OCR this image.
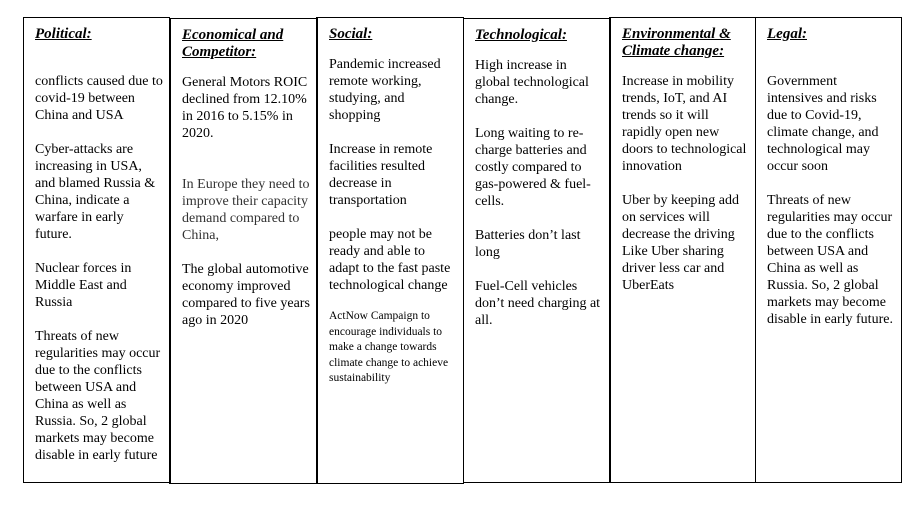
Political:

conflicts caused due to covid-19 between China and USA

Cyber-attacks are increasing in USA, and blamed Russia & China, indicate a warfare in early future.

Nuclear forces in Middle East and Russia

Threats of new regularities may occur due to the conflicts between USA and China as well as Russia. So, 2 global markets may become disable in early future

Economical and Competitor:

General Motors ROIC declined from 12.10% in 2016 to 5.15% in 2020.

In Europe they need to improve their capacity demand compared to China,

The global automotive economy improved compared to five years ago in 2020

Social:

Pandemic increased remote working, studying, and shopping

Increase in remote facilities resulted decrease in transportation

people may not be ready and able to adapt to the fast paste technological change

ActNow Campaign to encourage individuals to make a change towards climate change to achieve sustainability

Technological:

High increase in global technological change.

Long waiting to re-charge batteries and costly compared to gas-powered & fuel-cells.

Batteries don’t last long

Fuel-Cell vehicles don’t need charging at all.

Environmental & Climate change:

Increase in mobility trends, IoT, and AI trends so it will rapidly open new doors to technological innovation

Uber by keeping add on services will decrease the driving Like Uber sharing driver less car and UberEats

Legal:

Government intensives and risks due to Covid-19, climate change, and technological may occur soon

Threats of new regularities may occur due to the conflicts between USA and China as well as Russia. So, 2 global markets may become disable in early future.
